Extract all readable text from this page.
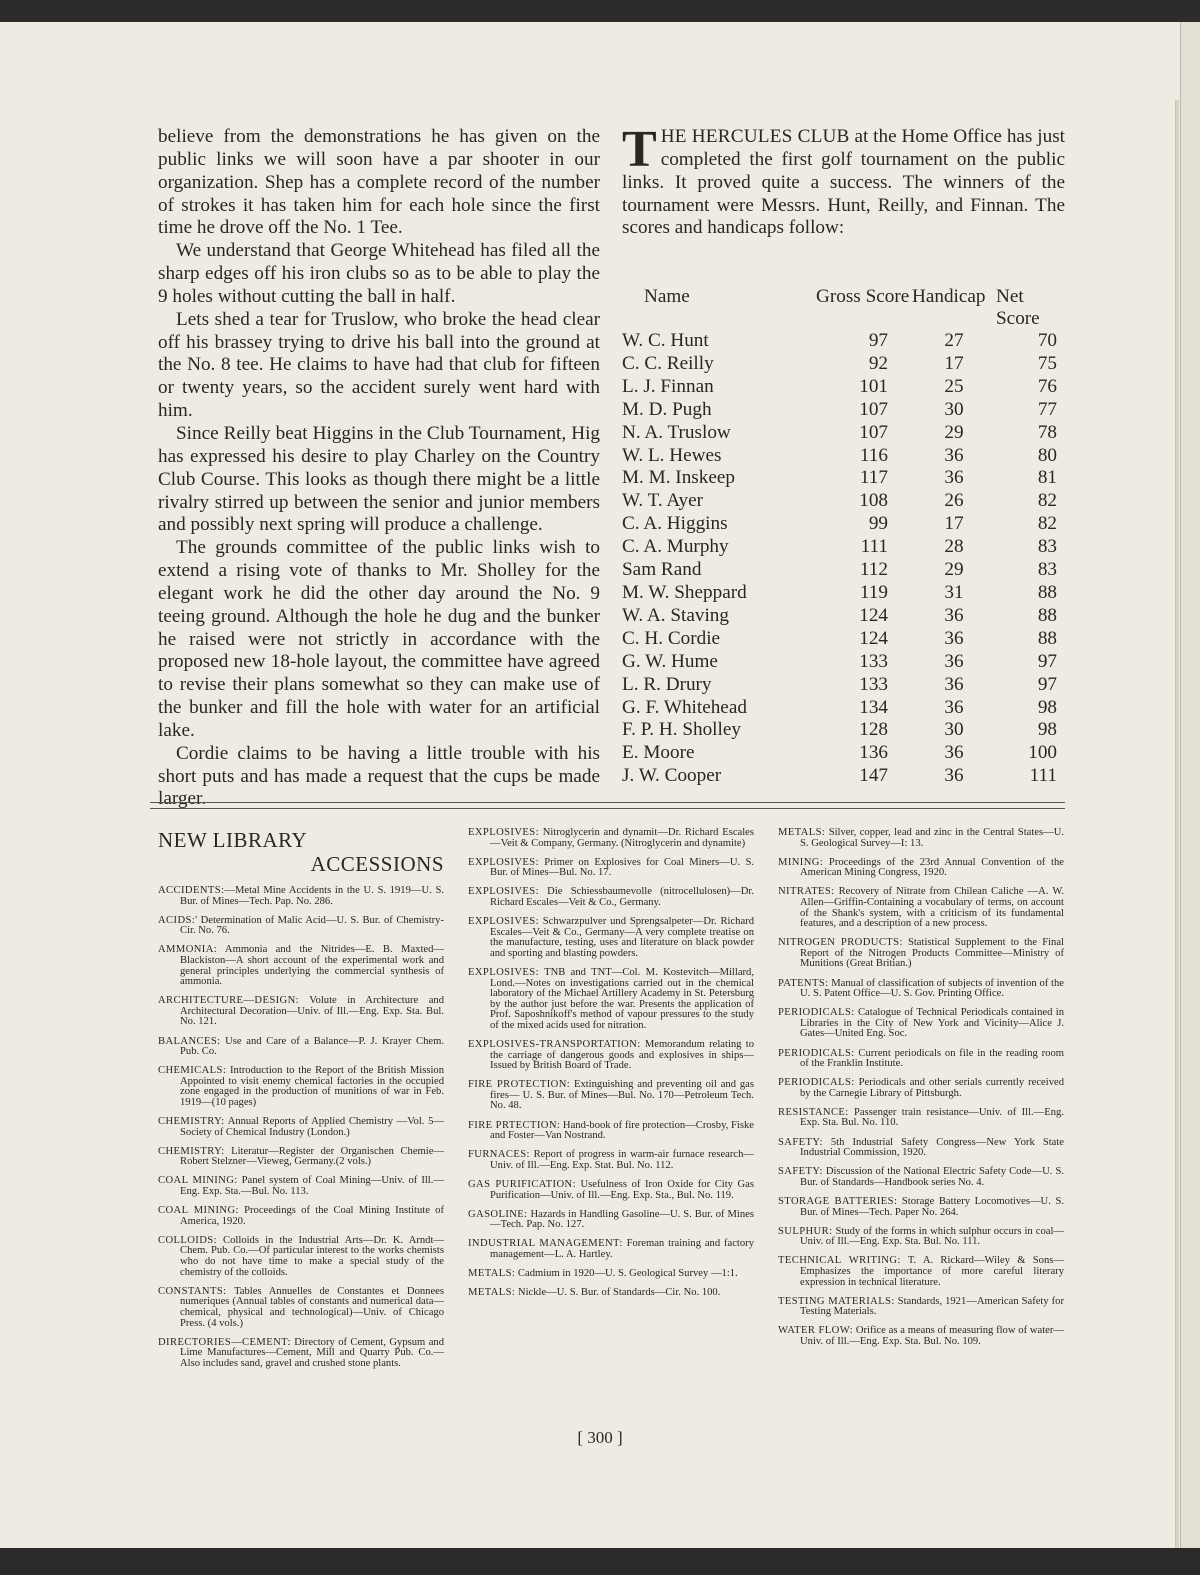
believe from the demonstrations he has given on the public links we will soon have a par shooter in our organization. Shep has a complete record of the number of strokes it has taken him for each hole since the first time he drove off the No. 1 Tee.

We understand that George Whitehead has filed all the sharp edges off his iron clubs so as to be able to play the 9 holes without cutting the ball in half.

Lets shed a tear for Truslow, who broke the head clear off his brassey trying to drive his ball into the ground at the No. 8 tee. He claims to have had that club for fifteen or twenty years, so the accident surely went hard with him.

Since Reilly beat Higgins in the Club Tournament, Hig has expressed his desire to play Charley on the Country Club Course. This looks as though there might be a little rivalry stirred up between the senior and junior members and possibly next spring will produce a challenge.

The grounds committee of the public links wish to extend a rising vote of thanks to Mr. Sholley for the elegant work he did the other day around the No. 9 teeing ground. Although the hole he dug and the bunker he raised were not strictly in accordance with the proposed new 18-hole layout, the committee have agreed to revise their plans somewhat so they can make use of the bunker and fill the hole with water for an artificial lake.

Cordie claims to be having a little trouble with his short puts and has made a request that the cups be made larger.

THE HERCULES CLUB at the Home Office has just completed the first golf tournament on the public links. It proved quite a success. The winners of the tournament were Messrs. Hunt, Reilly, and Finnan. The scores and handicaps follow:

Name	Gross Score	Handicap	Net Score
W. C. Hunt	97	27	70
C. C. Reilly	92	17	75
L. J. Finnan	101	25	76
M. D. Pugh	107	30	77
N. A. Truslow	107	29	78
W. L. Hewes	116	36	80
M. M. Inskeep	117	36	81
W. T. Ayer	108	26	82
C. A. Higgins	99	17	82
C. A. Murphy	111	28	83
Sam Rand	112	29	83
M. W. Sheppard	119	31	88
W. A. Staving	124	36	88
C. H. Cordie	124	36	88
G. W. Hume	133	36	97
L. R. Drury	133	36	97
G. F. Whitehead	134	36	98
F. P. H. Sholley	128	30	98
E. Moore	136	36	100
J. W. Cooper	147	36	111
NEW LIBRARY
ACCESSIONS

ACCIDENTS:—Metal Mine Accidents in the U. S. 1919—U. S. Bur. of Mines—Tech. Pap. No. 286.

ACIDS:' Determination of Malic Acid—U. S. Bur. of Chemistry-Cir. No. 76.

AMMONIA: Ammonia and the Nitrides—E. B. Maxted—Blackiston—A short account of the experimental work and general principles underlying the commercial synthesis of ammonia.

ARCHITECTURE—DESIGN: Volute in Architecture and Architectural Decoration—Univ. of Ill.—Eng. Exp. Sta. Bul. No. 121.

BALANCES: Use and Care of a Balance—P. J. Krayer Chem. Pub. Co.

CHEMICALS: Introduction to the Report of the British Mission Appointed to visit enemy chemical factories in the occupied zone engaged in the production of munitions of war in Feb. 1919—(10 pages)

CHEMISTRY: Annual Reports of Applied Chemistry —Vol. 5—Society of Chemical Industry (London.)

CHEMISTRY: Literatur—Register der Organischen Chemie—Robert Stelzner—Vieweg, Germany.(2 vols.)

COAL MINING: Panel system of Coal Mining—Univ. of Ill.—Eng. Exp. Sta.—Bul. No. 113.

COAL MINING: Proceedings of the Coal Mining Institute of America, 1920.

COLLOIDS: Colloids in the Industrial Arts—Dr. K. Arndt—Chem. Pub. Co.—Of particular interest to the works chemists who do not have time to make a special study of the chemistry of the colloids.

CONSTANTS: Tables Annuelles de Constantes et Donnees numeriques (Annual tables of constants and numerical data—chemical, physical and technological)—Univ. of Chicago Press. (4 vols.)

DIRECTORIES—CEMENT: Directory of Cement, Gypsum and Lime Manufactures—Cement, Mill and Quarry Pub. Co.—Also includes sand, gravel and crushed stone plants.

EXPLOSIVES: Nitroglycerin and dynamit—Dr. Richard Escales—Veit & Company, Germany. (Nitroglycerin and dynamite)

EXPLOSIVES: Primer on Explosives for Coal Miners—U. S. Bur. of Mines—Bul. No. 17.

EXPLOSIVES: Die Schiessbaumevolle (nitrocellulosen)—Dr. Richard Escales—Veit & Co., Germany.

EXPLOSIVES: Schwarzpulver und Sprengsalpeter—Dr. Richard Escales—Veit & Co., Germany—A very complete treatise on the manufacture, testing, uses and literature on black powder and sporting and blasting powders.

EXPLOSIVES: TNB and TNT—Col. M. Kostevitch—Millard, Lond.—Notes on investigations carried out in the chemical laboratory of the Michael Artillery Academy in St. Petersburg by the author just before the war. Presents the application of Prof. Saposhnikoff's method of vapour pressures to the study of the mixed acids used for nitration.

EXPLOSIVES-TRANSPORTATION: Memorandum relating to the carriage of dangerous goods and explosives in ships—Issued by British Board of Trade.

FIRE PROTECTION: Extinguishing and preventing oil and gas fires— U. S. Bur. of Mines—Bul. No. 170—Petroleum Tech. No. 48.

FIRE PRTECTION: Hand-book of fire protection—Crosby, Fiske and Foster—Van Nostrand.

FURNACES: Report of progress in warm-air furnace research—Univ. of Ill.—Eng. Exp. Stat. Bul. No. 112.

GAS PURIFICATION: Usefulness of Iron Oxide for City Gas Purification—Univ. of Ill.—Eng. Exp. Sta., Bul. No. 119.

GASOLINE: Hazards in Handling Gasoline—U. S. Bur. of Mines—Tech. Pap. No. 127.

INDUSTRIAL MANAGEMENT: Foreman training and factory management—L. A. Hartley.

METALS: Cadmium in 1920—U. S. Geological Survey —1:1.

METALS: Nickle—U. S. Bur. of Standards—Cir. No. 100.

METALS: Silver, copper, lead and zinc in the Central States—U. S. Geological Survey—I: 13.

MINING: Proceedings of the 23rd Annual Convention of the American Mining Congress, 1920.

NITRATES: Recovery of Nitrate from Chilean Caliche —A. W. Allen—Griffin-Containing a vocabulary of terms, on account of the Shank's system, with a criticism of its fundamental features, and a description of a new process.

NITROGEN PRODUCTS: Statistical Supplement to the Final Report of the Nitrogen Products Committee—Ministry of Munitions (Great Britian.)

PATENTS: Manual of classification of subjects of invention of the U. S. Patent Office—U. S. Gov. Printing Office.

PERIODICALS: Catalogue of Technical Periodicals contained in Libraries in the City of New York and Vicinity—Alice J. Gates—United Eng. Soc.

PERIODICALS: Current periodicals on file in the reading room of the Franklin Institute.

PERIODICALS: Periodicals and other serials currently received by the Carnegie Library of Pittsburgh.

RESISTANCE: Passenger train resistance—Univ. of Ill.—Eng. Exp. Sta. Bul. No. 110.

SAFETY: 5th Industrial Safety Congress—New York State Industrial Commission, 1920.

SAFETY: Discussion of the National Electric Safety Code—U. S. Bur. of Standards—Handbook series No. 4.

STORAGE BATTERIES: Storage Battery Locomotives—U. S. Bur. of Mines—Tech. Paper No. 264.

SULPHUR: Study of the forms in which sulphur occurs in coal—Univ. of Ill.—Eng. Exp. Sta. Bul. No. 111.

TECHNICAL WRITING: T. A. Rickard—Wiley & Sons—Emphasizes the importance of more careful literary expression in technical literature.

TESTING MATERIALS: Standards, 1921—American Safety for Testing Materials.

WATER FLOW: Orifice as a means of measuring flow of water—Univ. of Ill.—Eng. Exp. Sta. Bul. No. 109.

[ 300 ]
